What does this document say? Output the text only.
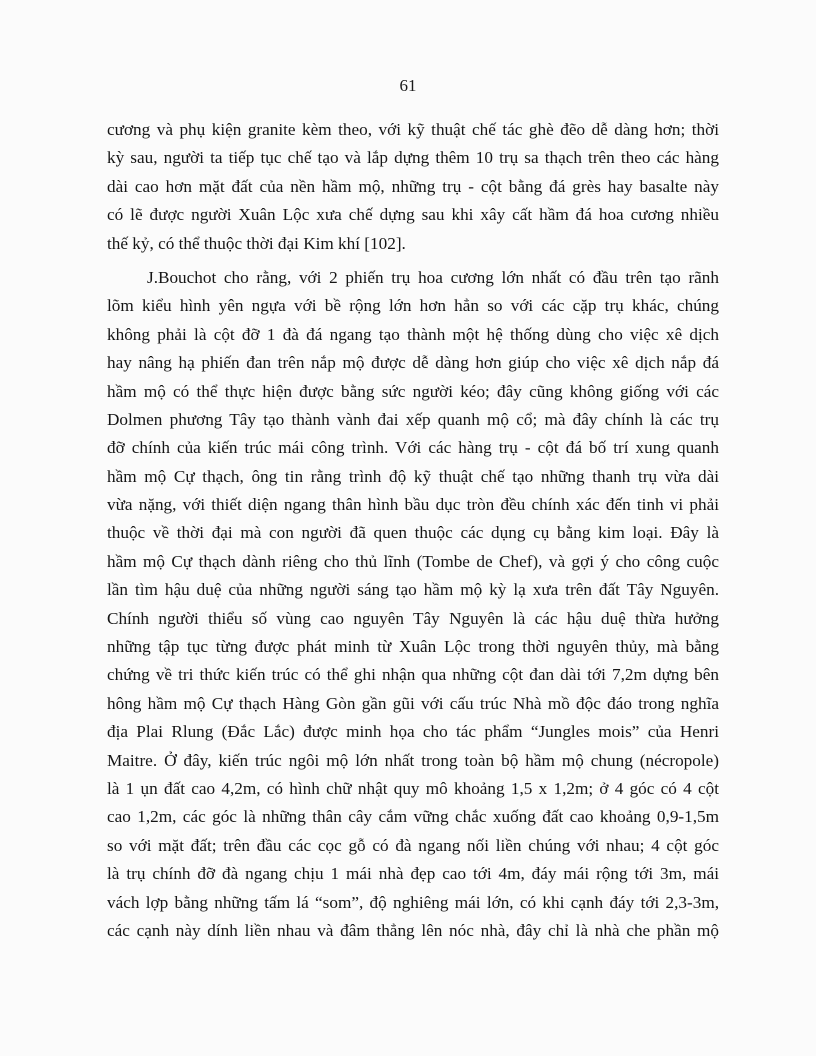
61
cương và phụ kiện granite kèm theo, với kỹ thuật chế tác ghè đẽo dễ dàng hơn; thời
kỳ sau, người ta tiếp tục chế tạo và lắp dựng thêm 10 trụ sa thạch trên theo các hàng
dài cao hơn mặt đất của nền hầm mộ, những trụ - cột bằng đá grès hay basalte này
có lẽ được người Xuân Lộc xưa chế dựng sau khi xây cất hầm đá hoa cương nhiều
thế kỷ, có thể thuộc thời đại Kim khí [102].
J.Bouchot cho rằng, với 2 phiến trụ hoa cương lớn nhất có đầu trên tạo rãnh
lõm kiểu hình yên ngựa với bề rộng lớn hơn hẳn so với các cặp trụ khác, chúng
không phải là cột đỡ 1 đà đá ngang tạo thành một hệ thống dùng cho việc xê dịch
hay nâng hạ phiến đan trên nắp mộ được dễ dàng hơn giúp cho việc xê dịch nắp đá
hầm mộ có thể thực hiện được bằng sức người kéo; đây cũng không giống với các
Dolmen phương Tây tạo thành vành đai xếp quanh mộ cổ; mà đây chính là các trụ
đỡ chính của kiến trúc mái công trình. Với các hàng trụ - cột đá bố trí xung quanh
hầm mộ Cự thạch, ông tin rằng trình độ kỹ thuật chế tạo những thanh trụ vừa dài
vừa nặng, với thiết diện ngang thân hình bầu dục tròn đều chính xác đến tinh vi phải
thuộc về thời đại mà con người đã quen thuộc các dụng cụ bằng kim loại. Đây là
hầm mộ Cự thạch dành riêng cho thủ lĩnh (Tombe de Chef), và gợi ý cho công cuộc
lần tìm hậu duệ của những người sáng tạo hầm mộ kỳ lạ xưa trên đất Tây Nguyên.
Chính người thiểu số vùng cao nguyên Tây Nguyên là các hậu duệ thừa hưởng
những tập tục từng được phát minh từ Xuân Lộc trong thời nguyên thủy, mà bằng
chứng về tri thức kiến trúc có thể ghi nhận qua những cột đan dài tới 7,2m dựng bên
hông hầm mộ Cự thạch Hàng Gòn gần gũi với cấu trúc Nhà mồ độc đáo trong nghĩa
địa Plai Rlung (Đắc Lắc) được minh họa cho tác phẩm “Jungles mois” của Henri
Maitre. Ở đây, kiến trúc ngôi mộ lớn nhất trong toàn bộ hầm mộ chung (nécropole)
là 1 ụn đất cao 4,2m, có hình chữ nhật quy mô khoảng 1,5 x 1,2m; ở 4 góc có 4 cột
cao 1,2m, các góc là những thân cây cắm vững chắc xuống đất cao khoảng 0,9-1,5m
so với mặt đất; trên đầu các cọc gỗ có đà ngang nối liền chúng với nhau; 4 cột góc
là trụ chính đỡ đà ngang chịu 1 mái nhà đẹp cao tới 4m, đáy mái rộng tới 3m, mái
vách lợp bằng những tấm lá “som”, độ nghiêng mái lớn, có khi cạnh đáy tới 2,3-3m,
các cạnh này dính liền nhau và đâm thẳng lên nóc nhà, đây chỉ là nhà che phần mộ
